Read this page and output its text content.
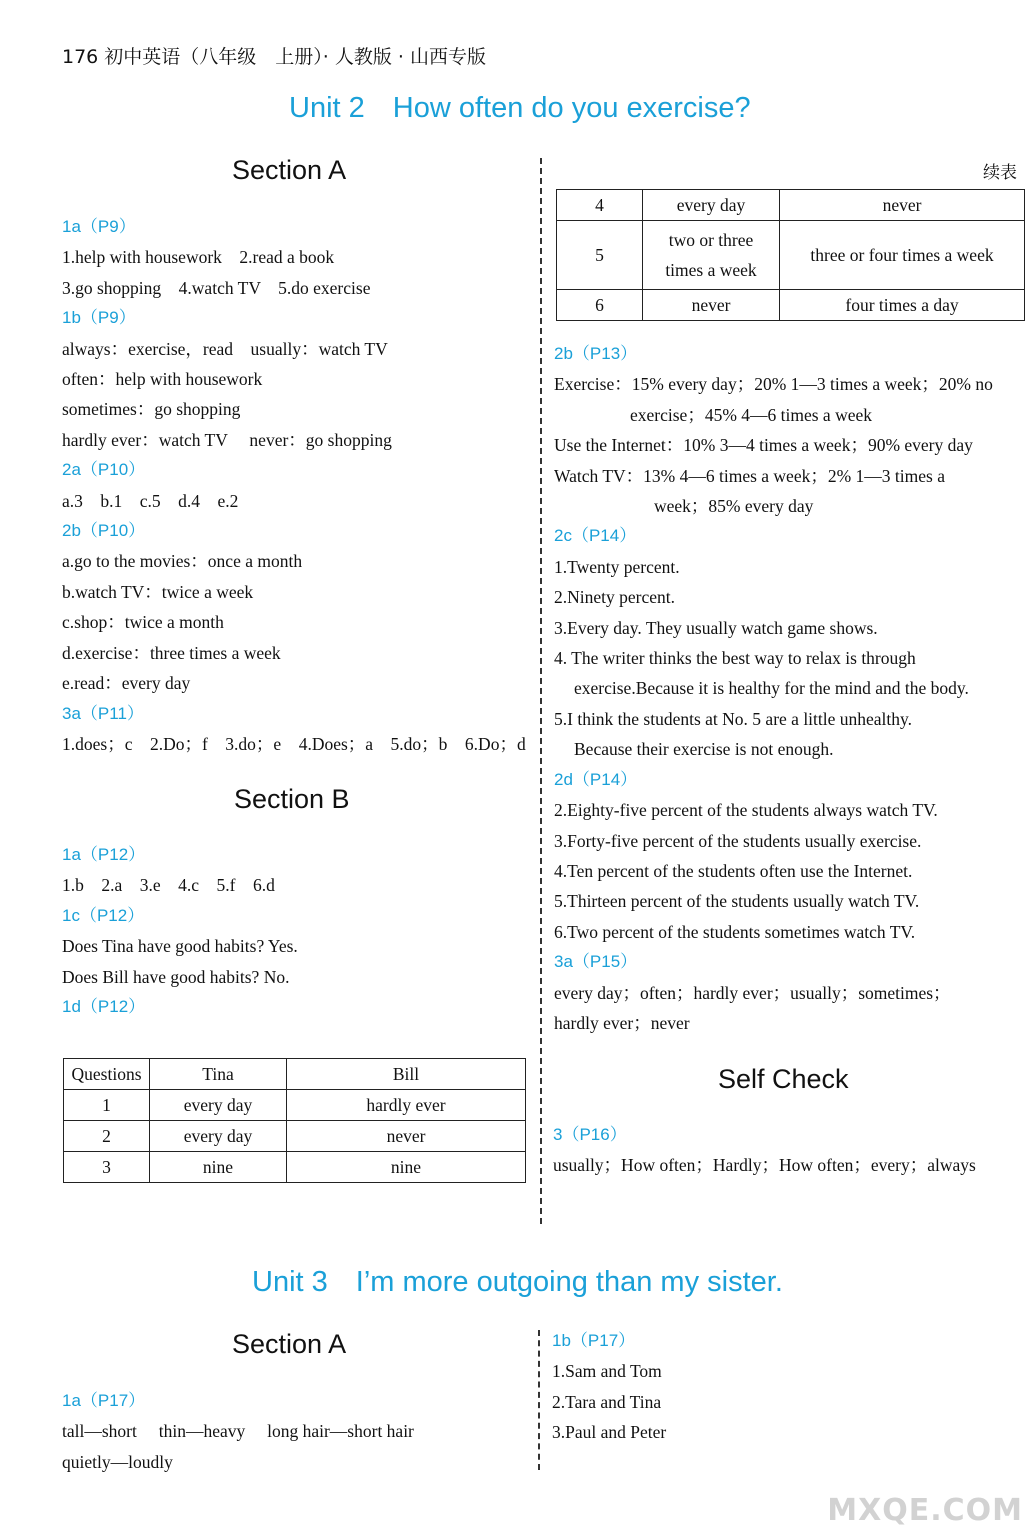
176 初中英语（八年级　上册）· 人教版 · 山西专版
Unit 2 How often do you exercise?
Section A
1a（P9）
1.help with housework　2.read a book
3.go shopping　4.watch TV　5.do exercise
1b（P9）
always：exercise，read　usually：watch TV
often：help with housework
sometimes：go shopping
hardly ever：watch TV　 never：go shopping
2a（P10）
a.3　b.1　c.5　d.4　e.2
2b（P10）
a.go to the movies：once a month
b.watch TV：twice a week
c.shop：twice a month
d.exercise：three times a week
e.read：every day
3a（P11）
1.does；c　2.Do；f　3.do；e　4.Does；a　5.do；b　6.Do；d
Section B
1a（P12）
1.b　2.a　3.e　4.c　5.f　6.d
1c（P12）
Does Tina have good habits? Yes.
Does Bill have good habits? No.
1d（P12）
Questions	Tina	Bill
1	every day	hardly ever
2	every day	never
3	nine	nine
续表
4	every day	never
5	two or three times a week	three or four times a week
6	never	four times a day
2b（P13）
Exercise：15% every day；20% 1—3 times a week；20% no
exercise；45% 4—6 times a week
Use the Internet：10% 3—4 times a week；90% every day
Watch TV：13% 4—6 times a week；2% 1—3 times a
week；85% every day
2c（P14）
1.Twenty percent.
2.Ninety percent.
3.Every day. They usually watch game shows.
4. The writer thinks the best way to relax is through
exercise.Because it is healthy for the mind and the body.
5.I think the students at No. 5 are a little unhealthy.
Because their exercise is not enough.
2d（P14）
2.Eighty-five percent of the students always watch TV.
3.Forty-five percent of the students usually exercise.
4.Ten percent of the students often use the Internet.
5.Thirteen percent of the students usually watch TV.
6.Two percent of the students sometimes watch TV.
3a（P15）
every day；often；hardly ever；usually；sometimes；
hardly ever；never
Self Check
3（P16）
usually；How often；Hardly；How often；every；always
Unit 3 I’m more outgoing than my sister.
Section A
1a（P17）
tall—short　 thin—heavy　 long hair—short hair
quietly—loudly
1b（P17）
1.Sam and Tom
2.Tara and Tina
3.Paul and Peter
MXQE.COM
